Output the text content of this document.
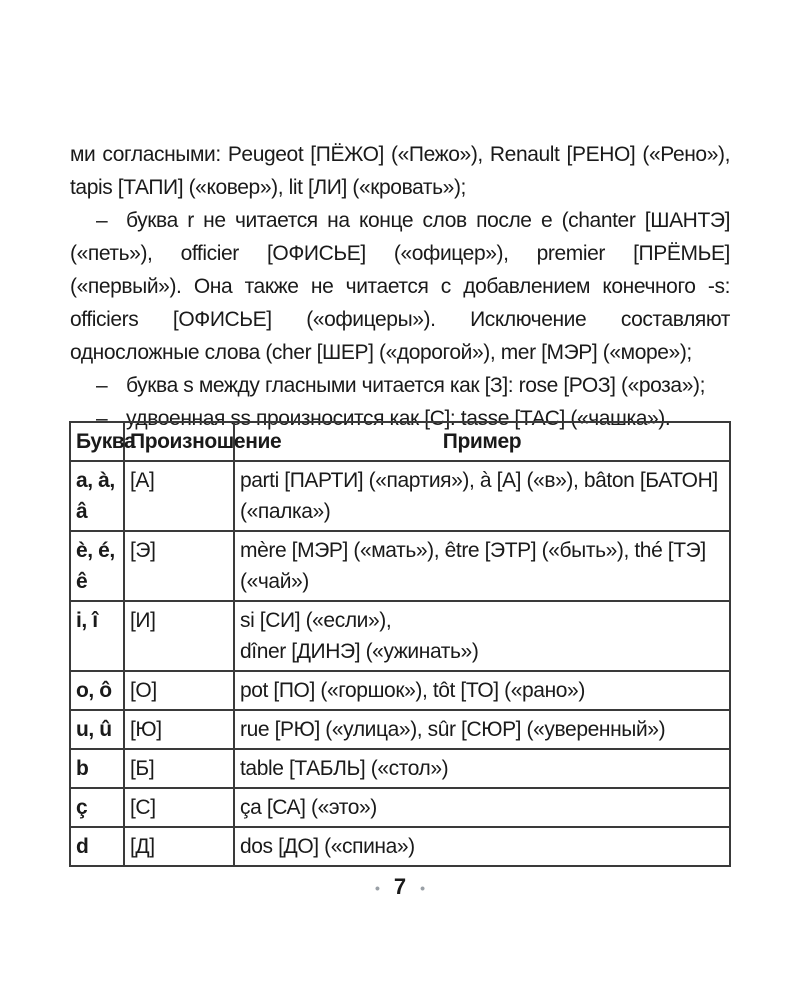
ми согласными: Peugeot [ПЁЖО] («Пежо»), Renault [РЕНО] («Рено»), tapis [ТАПИ] («ковер»), lit [ЛИ] («кровать»);

– буква r не читается на конце слов после e (chanter [ШАНТЭ] («петь»), officier [ОФИСЬЕ] («офицер»), premier [ПРЁМЬЕ] («первый»). Она также не читается с добавлением конечного -s: officiers [ОФИСЬЕ] («офицеры»). Исключение составляют односложные слова (cher [ШЕР] («дорогой»), mer [МЭР] («море»);

– буква s между гласными читается как [З]: rose [РОЗ] («роза»);

– удвоенная ss произносится как [С]: tasse [ТАС] («чашка»).

Буква	Произношение	Пример
a, à, â	[А]	parti [ПАРТИ] («партия»), à [А] («в»), bâton [БАТОН] («палка»)
è, é, ê	[Э]	mère [МЭР] («мать»), être [ЭТР] («быть»), thé [ТЭ] («чай»)
i, î	[И]	si [СИ] («если»),
dîner [ДИНЭ] («ужинать»)

o, ô	[О]	pot [ПО] («горшок»), tôt [ТО] («рано»)
u, û	[Ю]	rue [РЮ] («улица»), sûr [СЮР] («уверенный»)
b	[Б]	table [ТАБЛЬ] («стол»)
ç	[С]	ça [СА] («это»)
d	[Д]	dos [ДО] («спина»)
• 7 •
